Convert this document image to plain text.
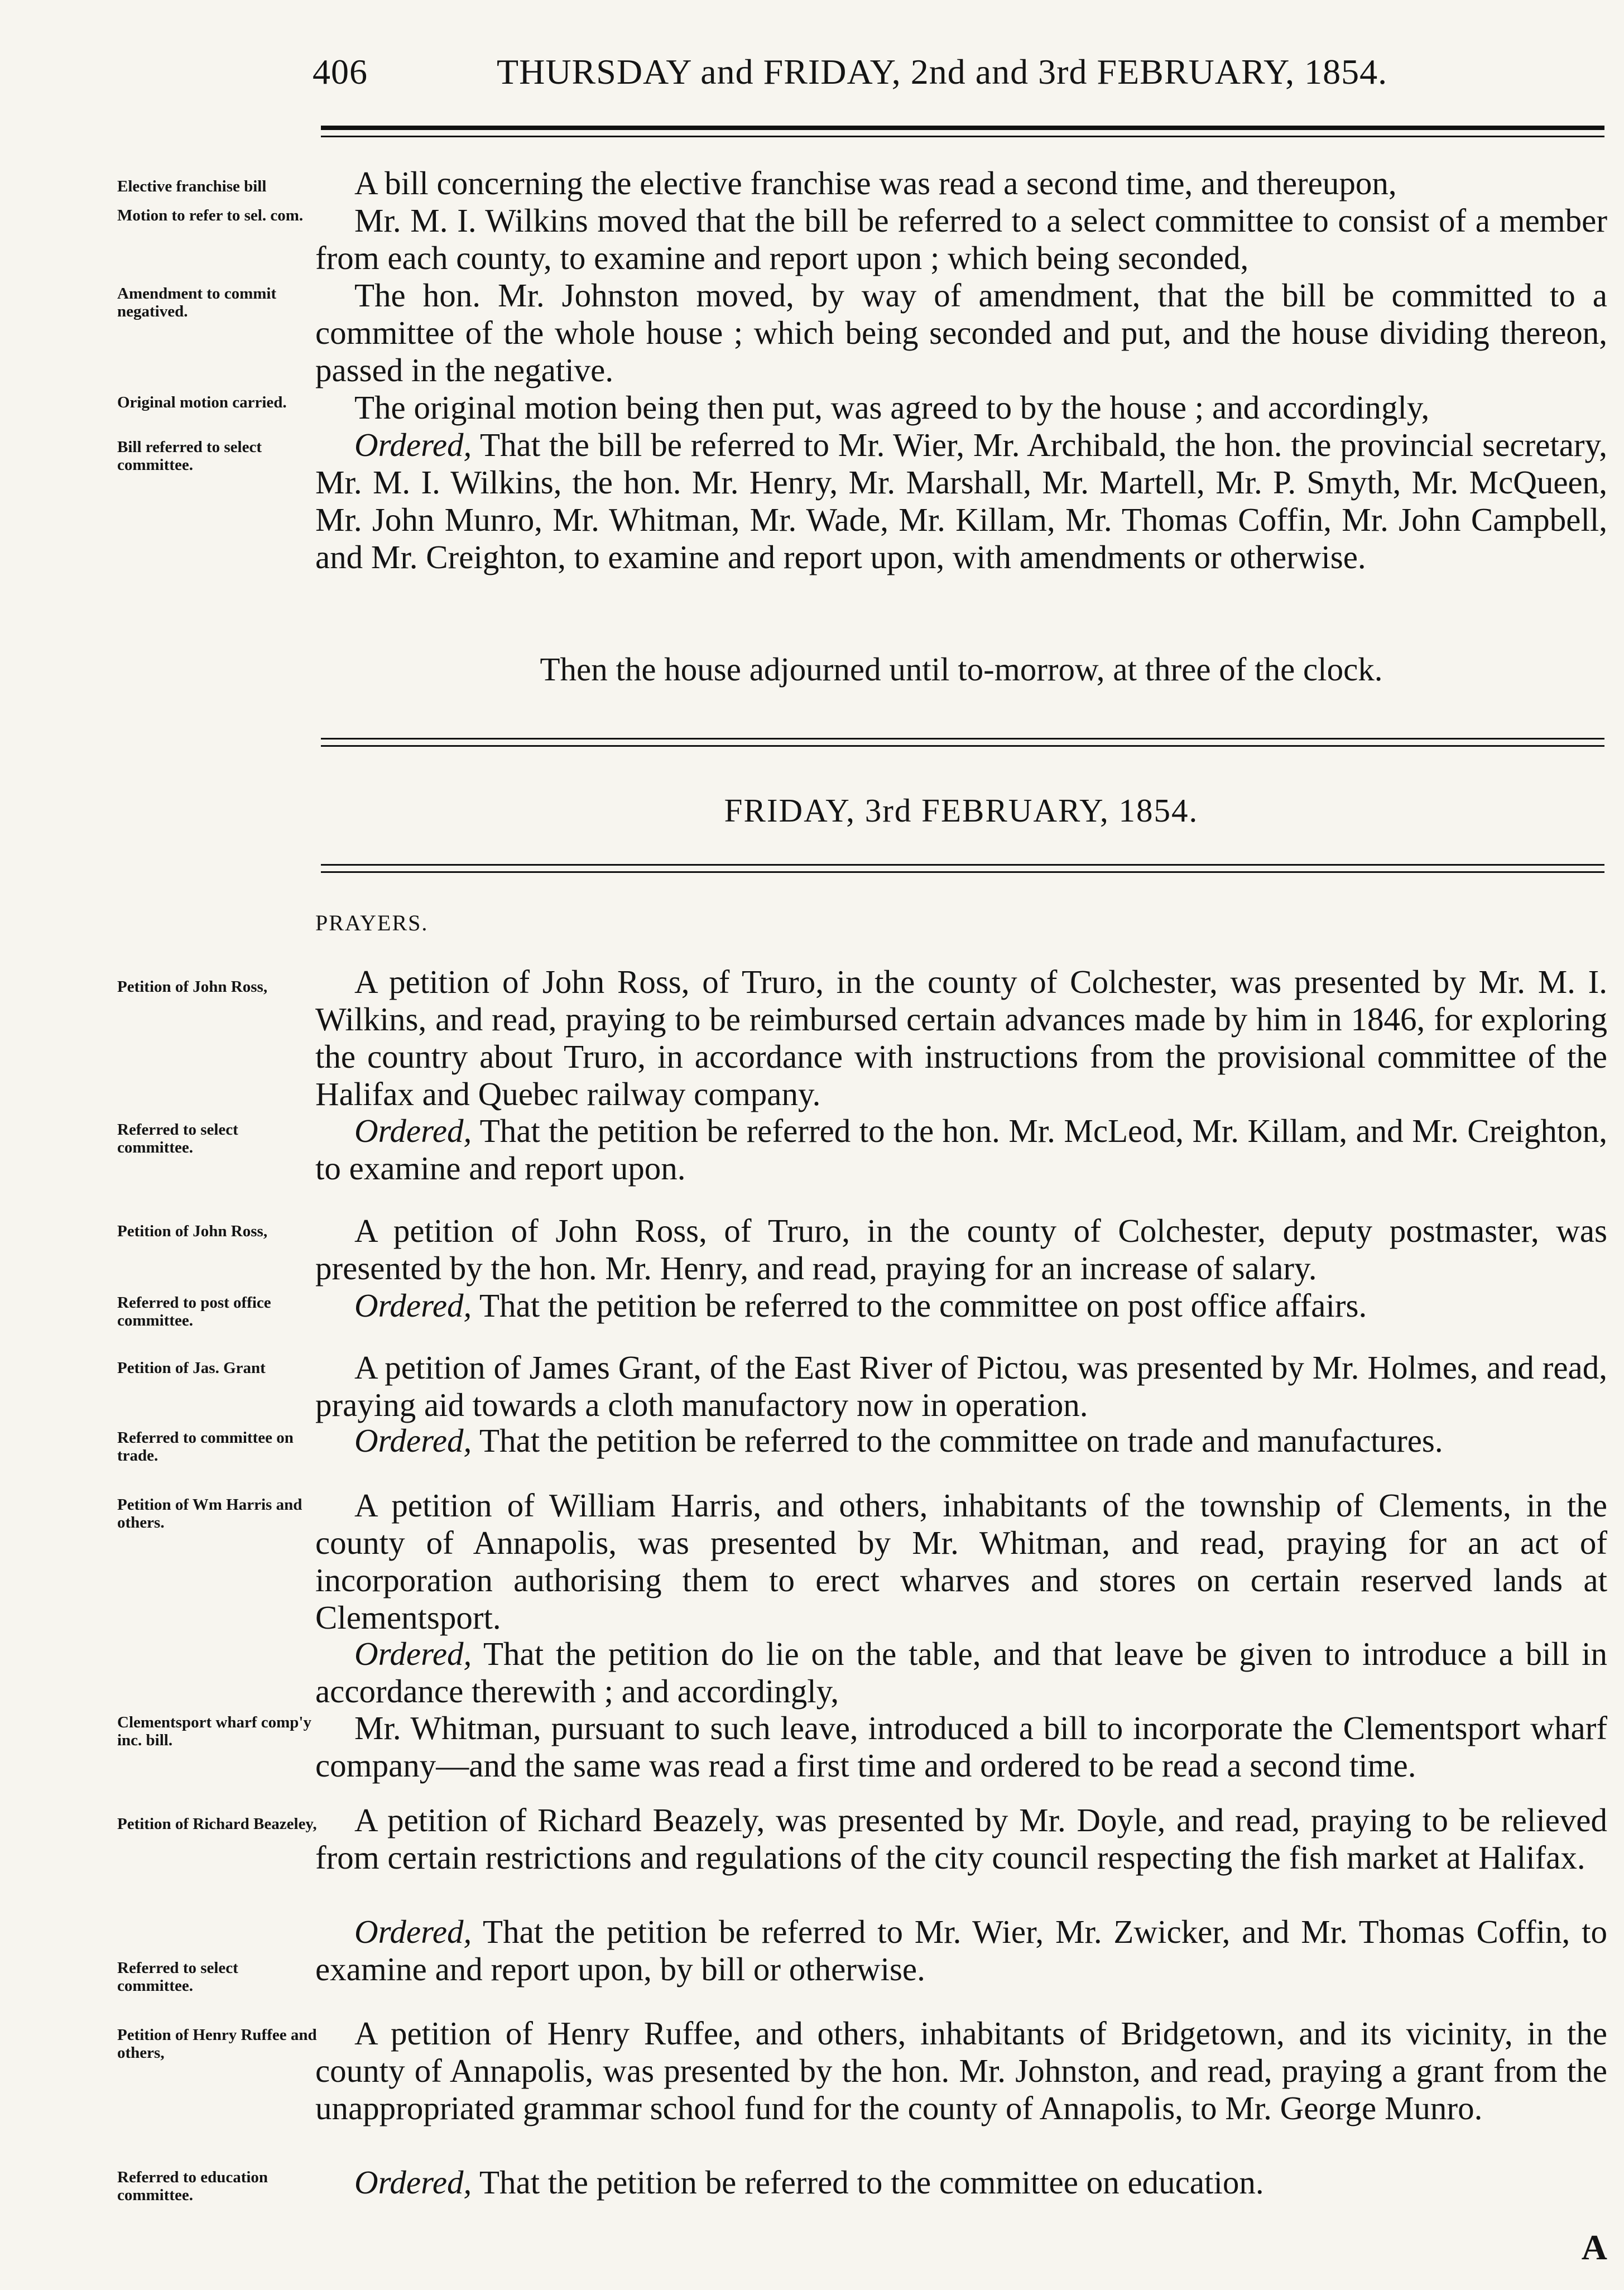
406	THURSDAY and FRIDAY, 2nd and 3rd FEBRUARY, 1854.
Elective franchise bill
Motion to refer to sel. com.
Amendment to commit negatived.
Original motion carried.
Bill referred to select committee.
Petition of John Ross,
Referred to select committee.
Petition of John Ross,
Referred to post office committee.
Petition of Jas. Grant
Referred to committee on trade.
Petition of Wm Harris and others.
Clementsport wharf comp'y inc. bill.
Petition of Richard Beazeley,
Referred to select committee.
Petition of Henry Ruffee and others,
Referred to education committee.
A bill concerning the elective franchise was read a second time, and thereupon,
Mr. M. I. Wilkins moved that the bill be referred to a select committee to consist of a member from each county, to examine and report upon ; which being seconded,
The hon. Mr. Johnston moved, by way of amendment, that the bill be committed to a committee of the whole house ; which being seconded and put, and the house dividing thereon, passed in the negative.
The original motion being then put, was agreed to by the house ; and accordingly,
Ordered, That the bill be referred to Mr. Wier, Mr. Archibald, the hon. the provincial secretary, Mr. M. I. Wilkins, the hon. Mr. Henry, Mr. Marshall, Mr. Martell, Mr. P. Smyth, Mr. McQueen, Mr. John Munro, Mr. Whitman, Mr. Wade, Mr. Killam, Mr. Thomas Coffin, Mr. John Campbell, and Mr. Creighton, to examine and report upon, with amendments or otherwise.
Then the house adjourned until to-morrow, at three of the clock.
FRIDAY, 3rd FEBRUARY, 1854.
PRAYERS.
A petition of John Ross, of Truro, in the county of Colchester, was presented by Mr. M. I. Wilkins, and read, praying to be reimbursed certain advances made by him in 1846, for exploring the country about Truro, in accordance with instructions from the provisional committee of the Halifax and Quebec railway company.
Ordered, That the petition be referred to the hon. Mr. McLeod, Mr. Killam, and Mr. Creighton, to examine and report upon.
A petition of John Ross, of Truro, in the county of Colchester, deputy postmaster, was presented by the hon. Mr. Henry, and read, praying for an increase of salary.
Ordered, That the petition be referred to the committee on post office affairs.
A petition of James Grant, of the East River of Pictou, was presented by Mr. Holmes, and read, praying aid towards a cloth manufactory now in operation.
Ordered, That the petition be referred to the committee on trade and manufactures.
A petition of William Harris, and others, inhabitants of the township of Clements, in the county of Annapolis, was presented by Mr. Whitman, and read, praying for an act of incorporation authorising them to erect wharves and stores on certain reserved lands at Clementsport.
Ordered, That the petition do lie on the table, and that leave be given to introduce a bill in accordance therewith ; and accordingly,
Mr. Whitman, pursuant to such leave, introduced a bill to incorporate the Clementsport wharf company—and the same was read a first time and ordered to be read a second time.
A petition of Richard Beazely, was presented by Mr. Doyle, and read, praying to be relieved from certain restrictions and regulations of the city council respecting the fish market at Halifax.
Ordered, That the petition be referred to Mr. Wier, Mr. Zwicker, and Mr. Thomas Coffin, to examine and report upon, by bill or otherwise.
A petition of Henry Ruffee, and others, inhabitants of Bridgetown, and its vicinity, in the county of Annapolis, was presented by the hon. Mr. Johnston, and read, praying a grant from the unappropriated grammar school fund for the county of Annapolis, to Mr. George Munro.
Ordered, That the petition be referred to the committee on education.
A
